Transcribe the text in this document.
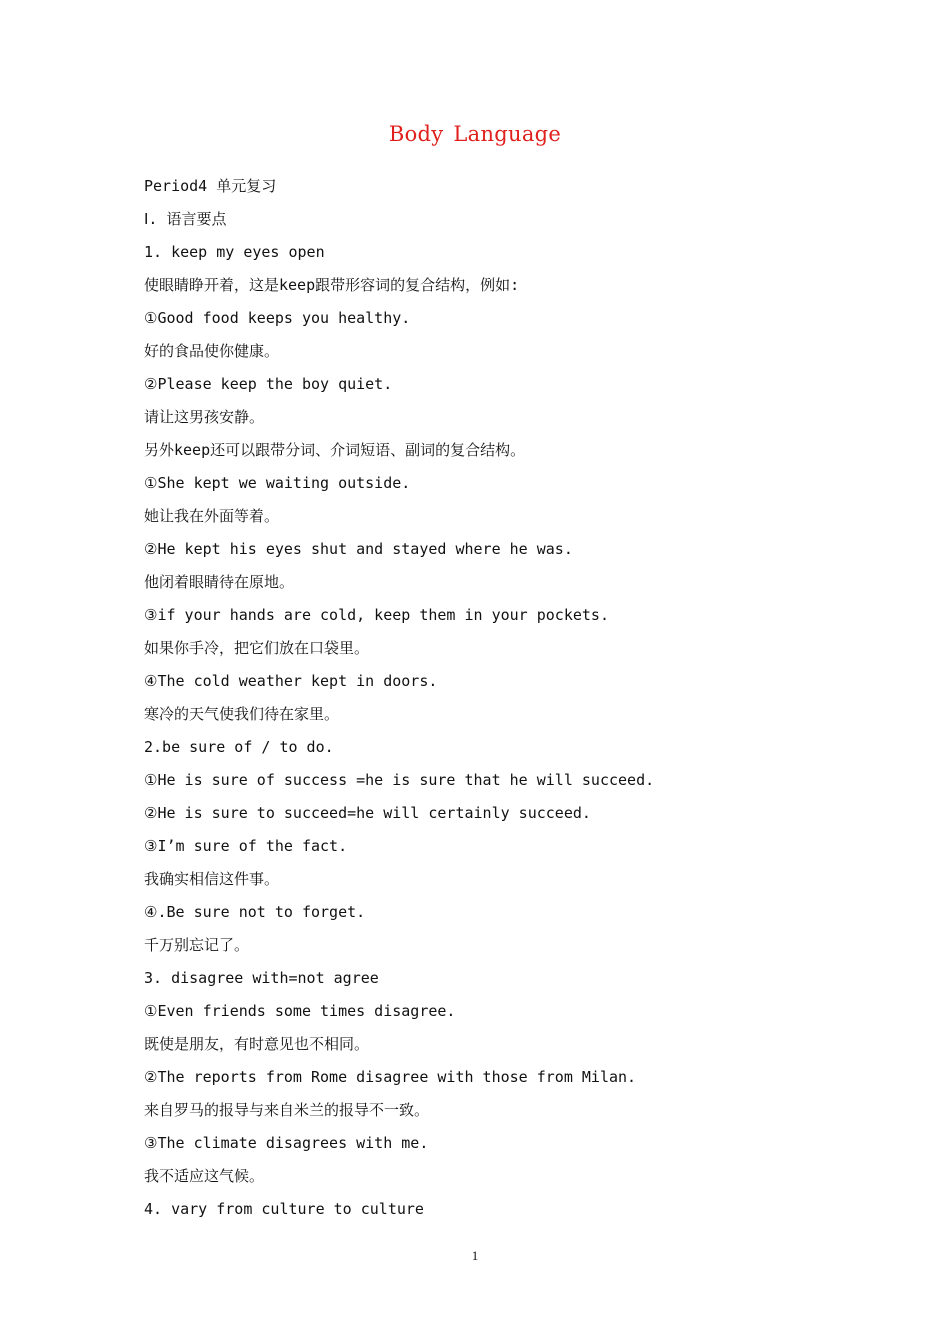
Body Language
Period4 单元复习
Ⅰ. 语言要点
1. keep my eyes open
使眼睛睁开着，这是keep跟带形容词的复合结构，例如:
①Good food keeps you healthy.
好的食品使你健康。
②Please keep the boy quiet.
请让这男孩安静。
另外keep还可以跟带分词、介词短语、副词的复合结构。
①She kept we waiting outside.
她让我在外面等着。
②He kept his eyes shut and stayed where he was.
他闭着眼睛待在原地。
③if your hands are cold, keep them in your pockets.
如果你手冷，把它们放在口袋里。
④The cold weather kept in doors.
寒冷的天气使我们待在家里。
2.be sure of / to do.
①He is sure of success =he is sure that he will succeed.
②He is sure to succeed=he will certainly succeed.
③I’m sure of the fact.
我确实相信这件事。
④.Be sure not to forget.
千万别忘记了。
3. disagree with=not agree
①Even friends some times disagree.
既使是朋友，有时意见也不相同。
②The reports from Rome disagree with those from Milan.
来自罗马的报导与来自米兰的报导不一致。
③The climate disagrees with me.
我不适应这气候。
4. vary from culture to culture
1
